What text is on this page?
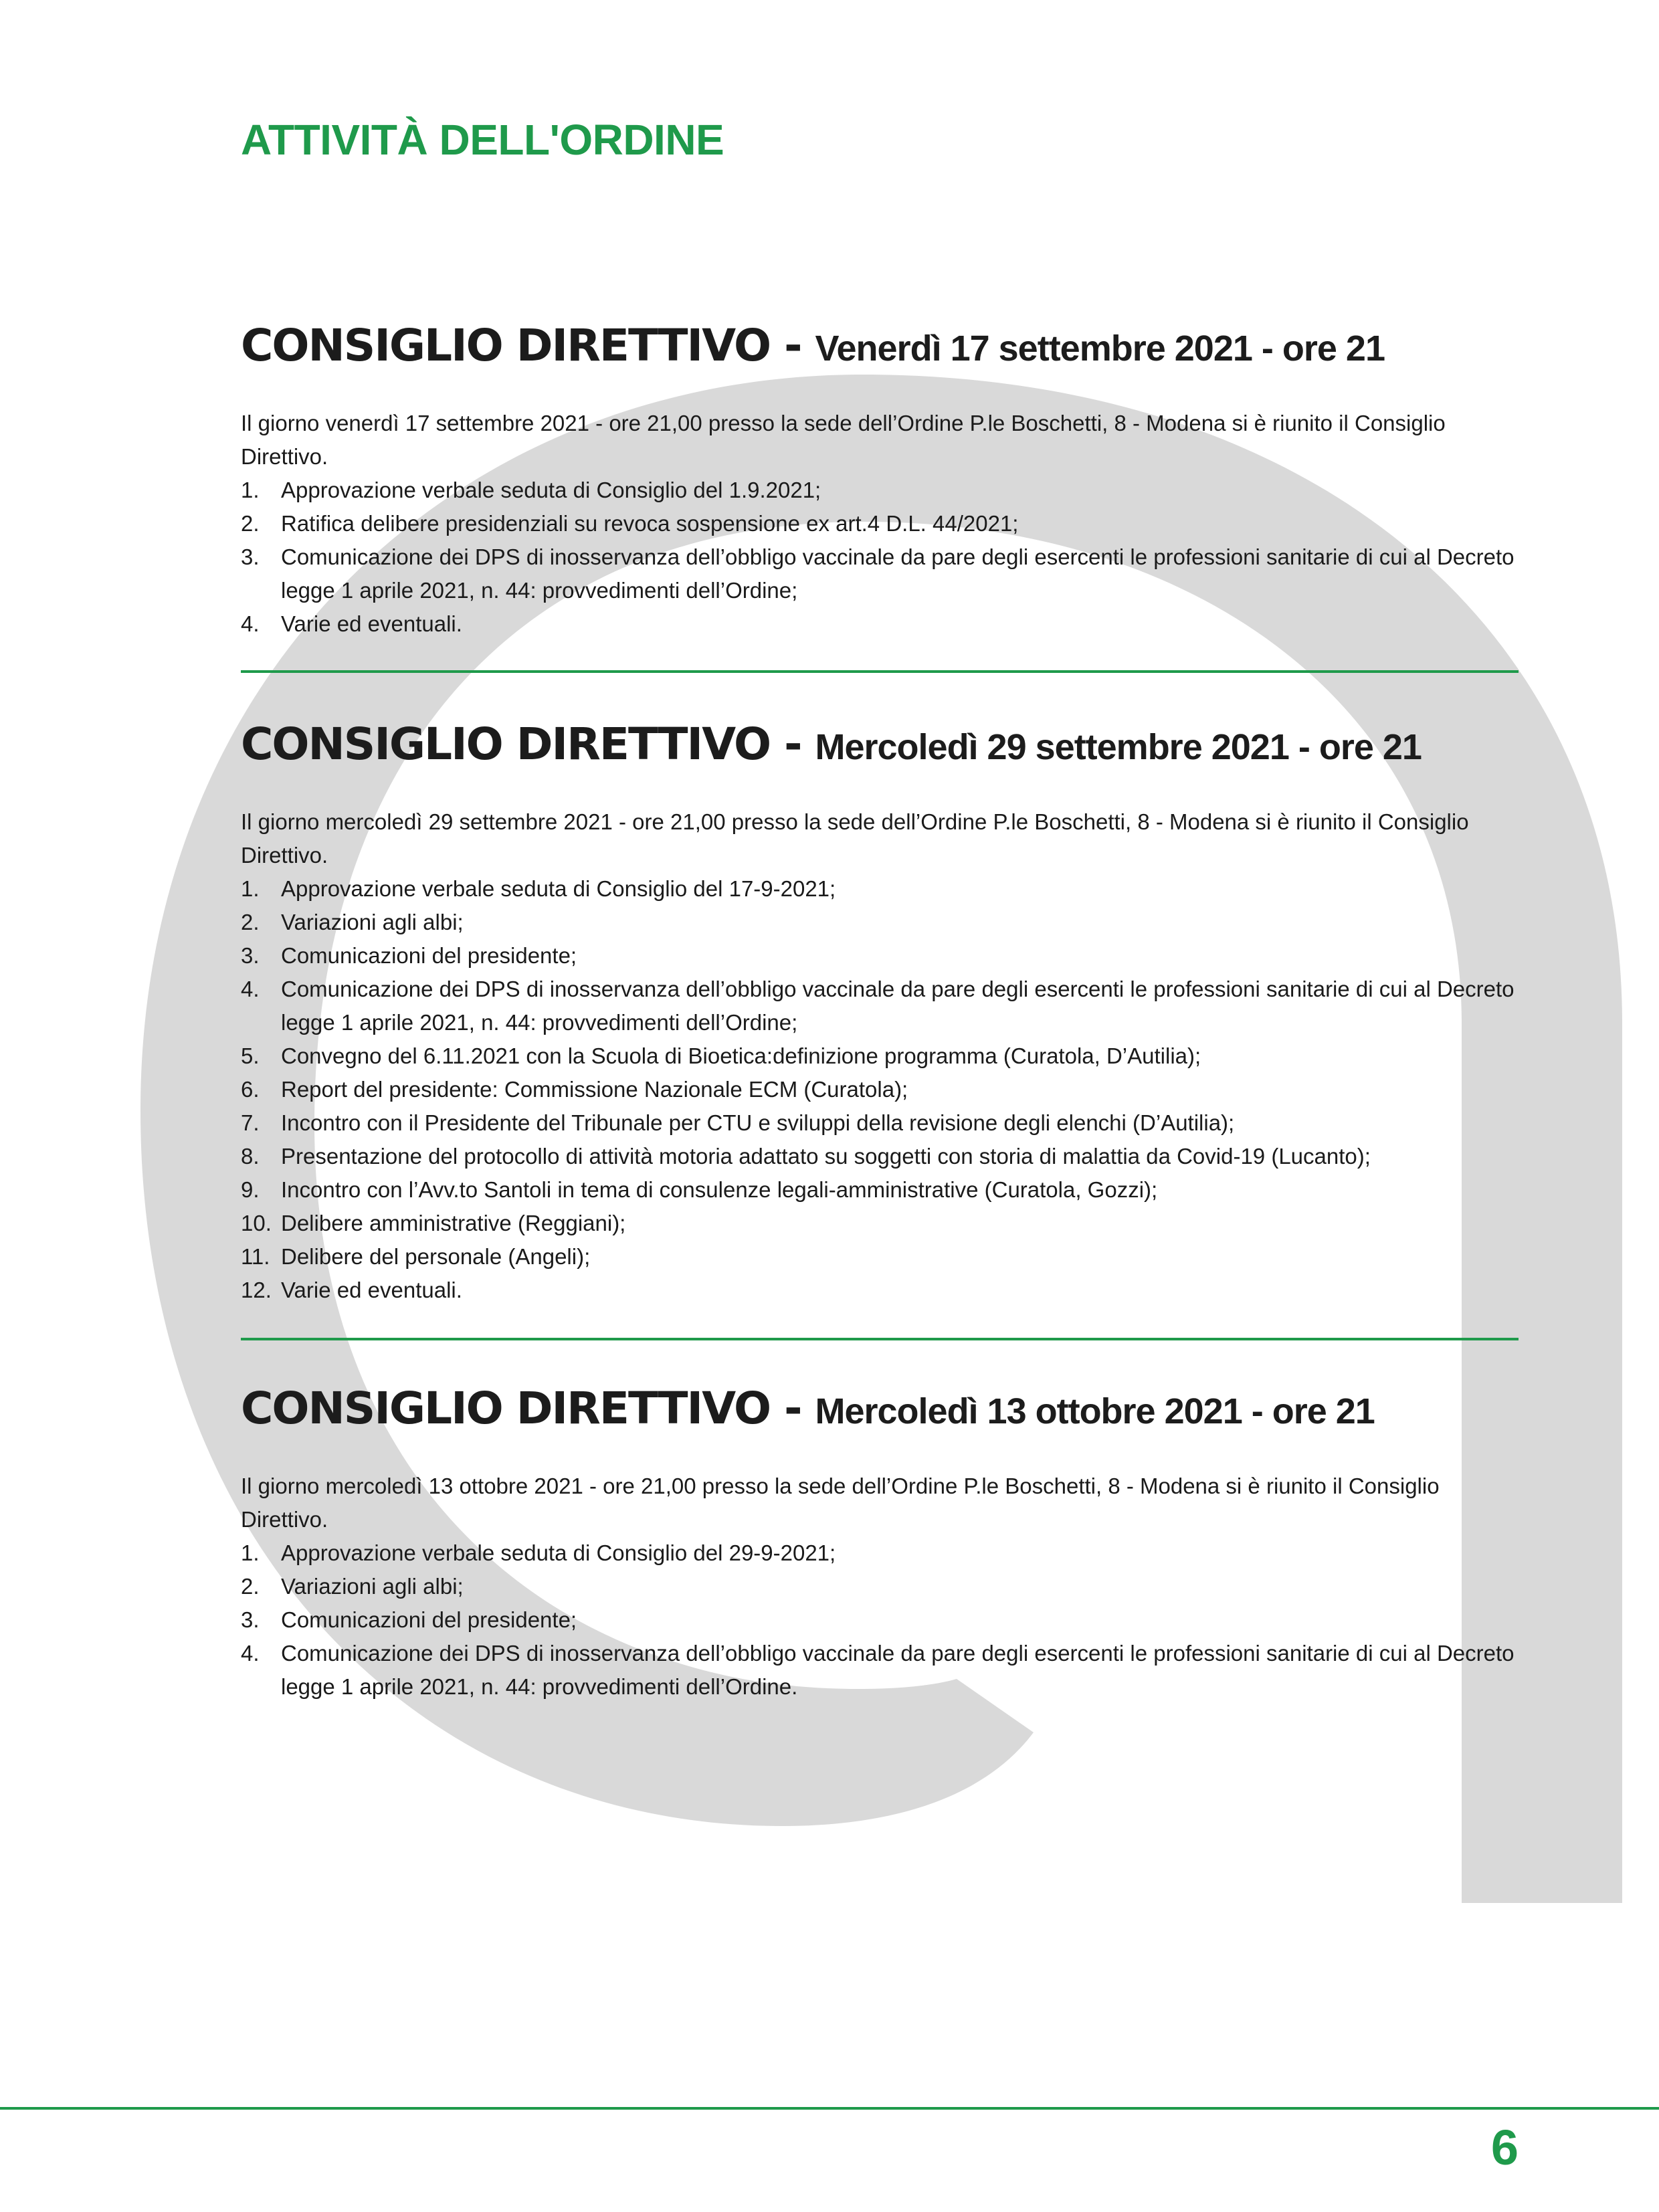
ATTIVITÀ DELL'ORDINE
CONSIGLIO DIRETTIVO - Venerdì 17 settembre 2021 - ore 21

Il giorno venerdì 17 settembre 2021 - ore 21,00 presso la sede dell’Ordine P.le Boschetti, 8 - Modena si è riunito il Consiglio Direttivo.

1. Approvazione verbale seduta di Consiglio del 1.9.2021;
2. Ratifica delibere presidenziali su revoca sospensione ex art.4 D.L. 44/2021;
3. Comunicazione dei DPS di inosservanza dell’obbligo vaccinale da pare degli esercenti le professioni sanitarie di cui al Decreto legge 1 aprile 2021, n. 44: provvedimenti dell’Ordine;
4. Varie ed eventuali.
CONSIGLIO DIRETTIVO - Mercoledì 29 settembre 2021 - ore 21

Il giorno mercoledì 29 settembre 2021 - ore 21,00 presso la sede dell’Ordine P.le Boschetti, 8 - Modena si è riunito il Consiglio Direttivo.

1. Approvazione verbale seduta di Consiglio del 17-9-2021;
2. Variazioni agli albi;
3. Comunicazioni del presidente;
4. Comunicazione dei DPS di inosservanza dell’obbligo vaccinale da pare degli esercenti le professioni sanitarie di cui al Decreto legge 1 aprile 2021, n. 44: provvedimenti dell’Ordine;
5. Convegno del 6.11.2021 con la Scuola di Bioetica:definizione programma (Curatola, D’Autilia);
6. Report del presidente: Commissione Nazionale ECM (Curatola);
7. Incontro con il Presidente del Tribunale per CTU e sviluppi della revisione degli elenchi (D’Autilia);
8. Presentazione del protocollo di attività motoria adattato su soggetti con storia di malattia da Covid-19 (Lucanto);
9. Incontro con l’Avv.to Santoli in tema di consulenze legali-amministrative (Curatola, Gozzi);
10. Delibere amministrative (Reggiani);
11. Delibere del personale (Angeli);
12. Varie ed eventuali.
CONSIGLIO DIRETTIVO - Mercoledì 13 ottobre 2021 - ore 21

Il giorno mercoledì 13 ottobre 2021 - ore 21,00 presso la sede dell’Ordine P.le Boschetti, 8 - Modena si è riunito il Consiglio Direttivo.

1. Approvazione verbale seduta di Consiglio del 29-9-2021;
2. Variazioni agli albi;
3. Comunicazioni del presidente;
4. Comunicazione dei DPS di inosservanza dell’obbligo vaccinale da pare degli esercenti le professioni sanitarie di cui al Decreto legge 1 aprile 2021, n. 44: provvedimenti dell’Ordine.
6
